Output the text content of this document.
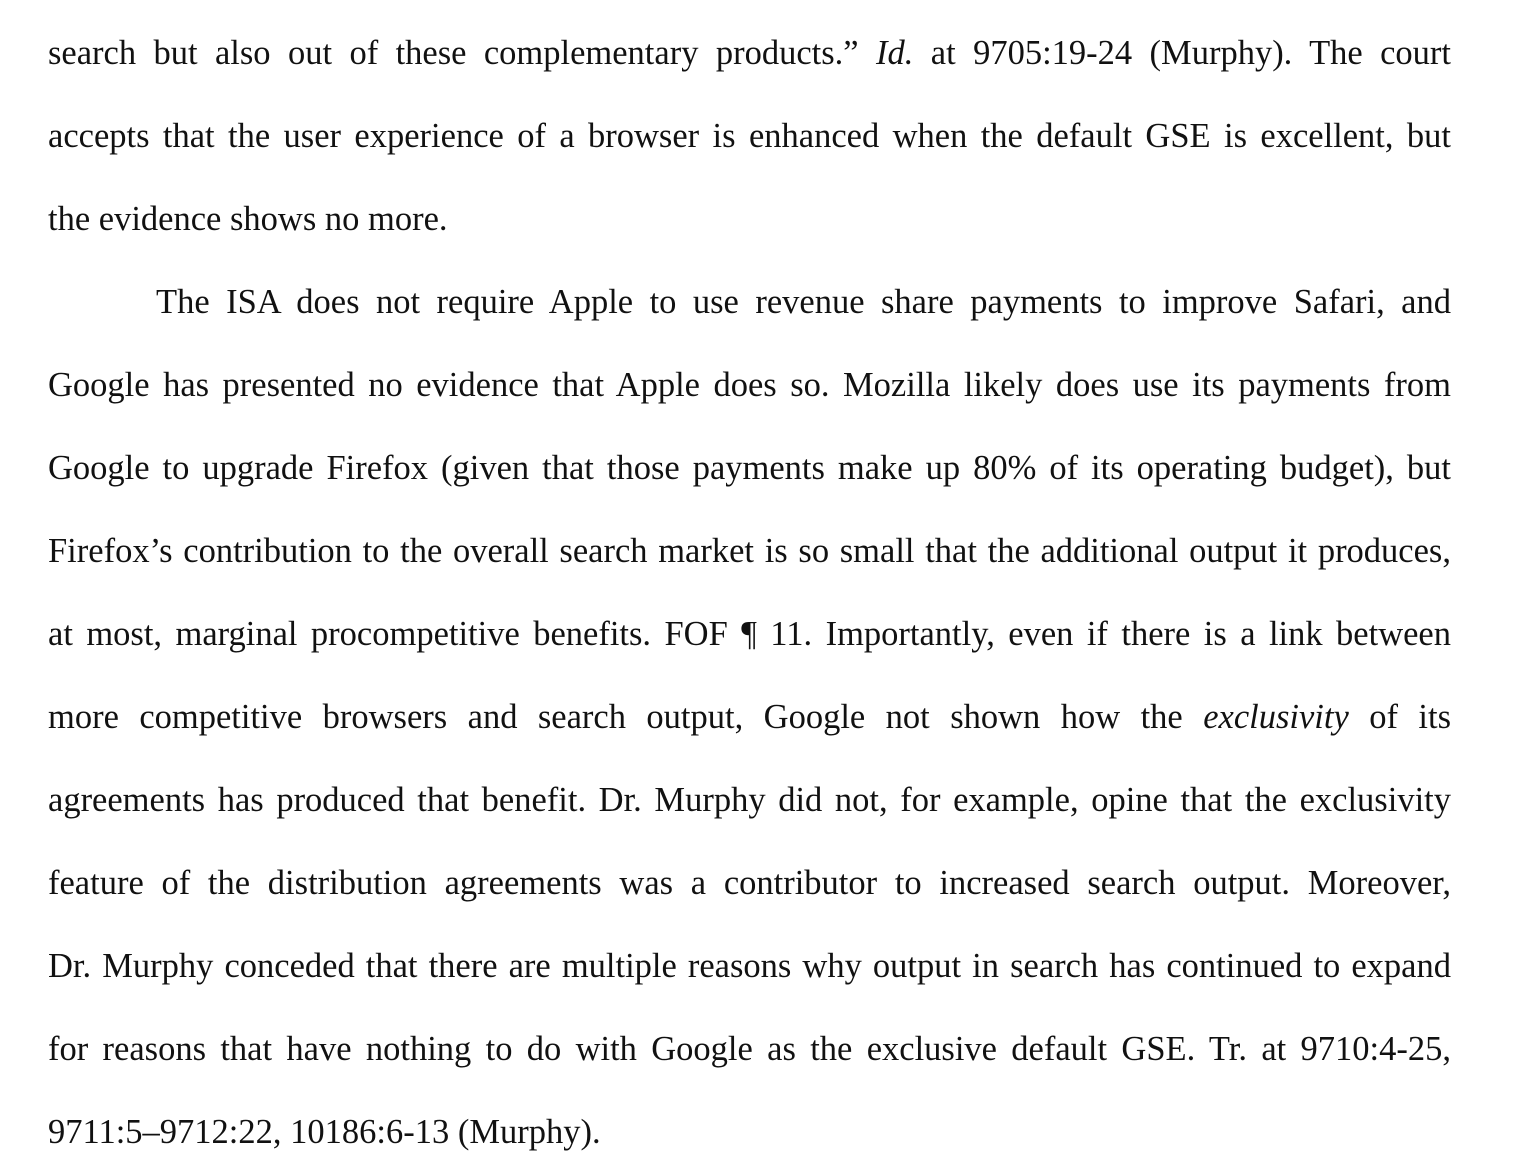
search but also out of these complementary products.” Id. at 9705:19-24 (Murphy). The court
accepts that the user experience of a browser is enhanced when the default GSE is excellent, but
the evidence shows no more.
The ISA does not require Apple to use revenue share payments to improve Safari, and
Google has presented no evidence that Apple does so. Mozilla likely does use its payments from
Google to upgrade Firefox (given that those payments make up 80% of its operating budget), but
Firefox’s contribution to the overall search market is so small that the additional output it produces,
at most, marginal procompetitive benefits. FOF ¶ 11. Importantly, even if there is a link between
more competitive browsers and search output, Google not shown how the exclusivity of its
agreements has produced that benefit. Dr. Murphy did not, for example, opine that the exclusivity
feature of the distribution agreements was a contributor to increased search output. Moreover,
Dr. Murphy conceded that there are multiple reasons why output in search has continued to expand
for reasons that have nothing to do with Google as the exclusive default GSE. Tr. at 9710:4-25,
9711:5–9712:22, 10186:6-13 (Murphy).
